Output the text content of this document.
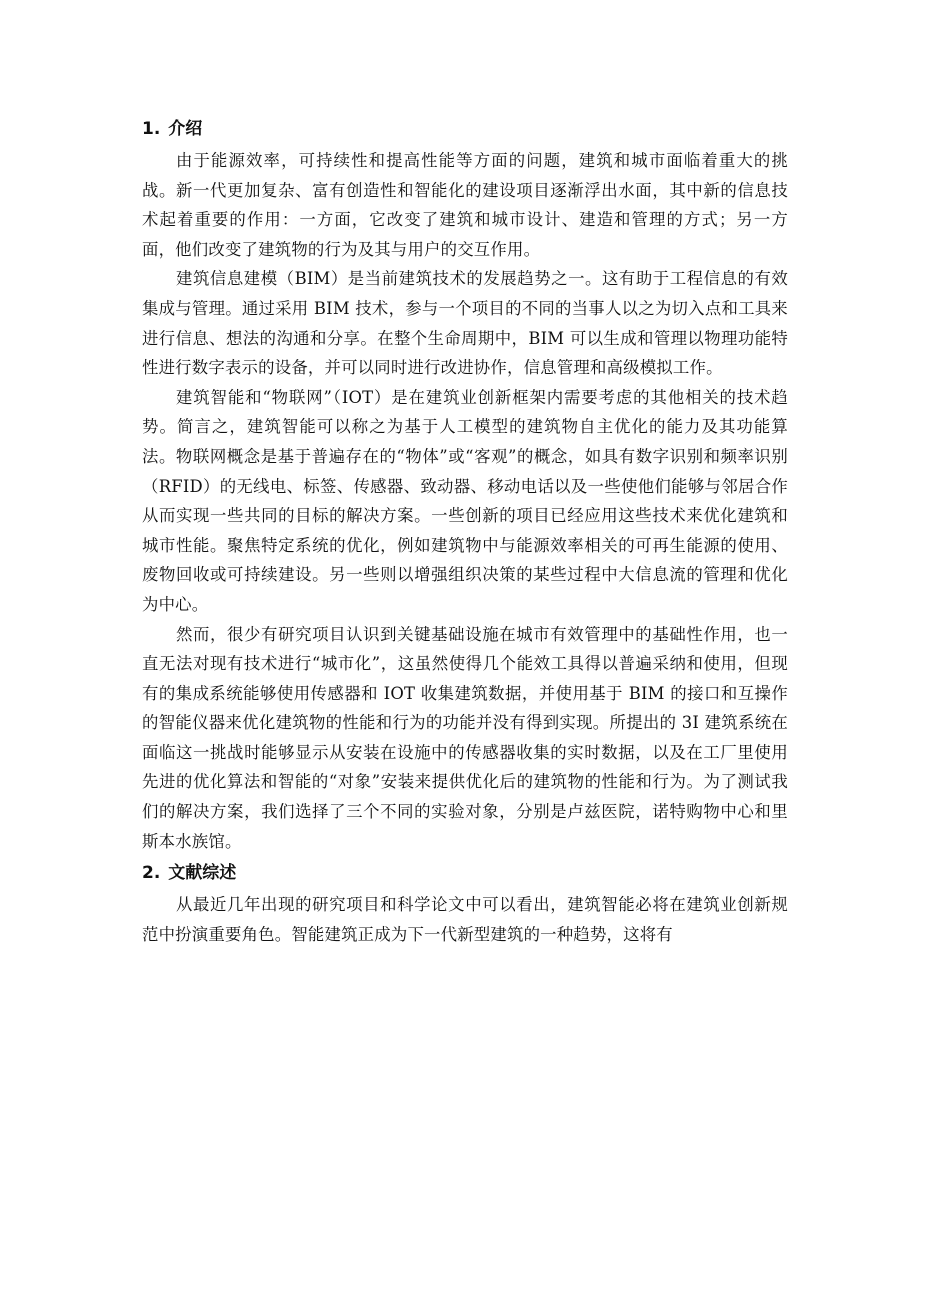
1. 介绍

由于能源效率，可持续性和提高性能等方面的问题，建筑和城市面临着重大的挑战。新一代更加复杂、富有创造性和智能化的建设项目逐渐浮出水面，其中新的信息技术起着重要的作用：一方面，它改变了建筑和城市设计、建造和管理的方式；另一方面，他们改变了建筑物的行为及其与用户的交互作用。

建筑信息建模（BIM）是当前建筑技术的发展趋势之一。这有助于工程信息的有效集成与管理。通过采用 BIM 技术，参与一个项目的不同的当事人以之为切入点和工具来进行信息、想法的沟通和分享。在整个生命周期中，BIM 可以生成和管理以物理功能特性进行数字表示的设备，并可以同时进行改进协作，信息管理和高级模拟工作。

建筑智能和“物联网”（IOT）是在建筑业创新框架内需要考虑的其他相关的技术趋势。简言之，建筑智能可以称之为基于人工模型的建筑物自主优化的能力及其功能算法。物联网概念是基于普遍存在的“物体”或“客观”的概念，如具有数字识别和频率识别（RFID）的无线电、标签、传感器、致动器、移动电话以及一些使他们能够与邻居合作从而实现一些共同的目标的解决方案。一些创新的项目已经应用这些技术来优化建筑和城市性能。聚焦特定系统的优化，例如建筑物中与能源效率相关的可再生能源的使用、废物回收或可持续建设。另一些则以增强组织决策的某些过程中大信息流的管理和优化为中心。

然而，很少有研究项目认识到关键基础设施在城市有效管理中的基础性作用，也一直无法对现有技术进行“城市化”，这虽然使得几个能效工具得以普遍采纳和使用，但现有的集成系统能够使用传感器和 IOT 收集建筑数据，并使用基于 BIM 的接口和互操作的智能仪器来优化建筑物的性能和行为的功能并没有得到实现。所提出的 3I 建筑系统在面临这一挑战时能够显示从安装在设施中的传感器收集的实时数据，以及在工厂里使用先进的优化算法和智能的“对象”安装来提供优化后的建筑物的性能和行为。为了测试我们的解决方案，我们选择了三个不同的实验对象，分别是卢兹医院，诺特购物中心和里斯本水族馆。

2. 文献综述

从最近几年出现的研究项目和科学论文中可以看出，建筑智能必将在建筑业创新规范中扮演重要角色。智能建筑正成为下一代新型建筑的一种趋势，这将有
